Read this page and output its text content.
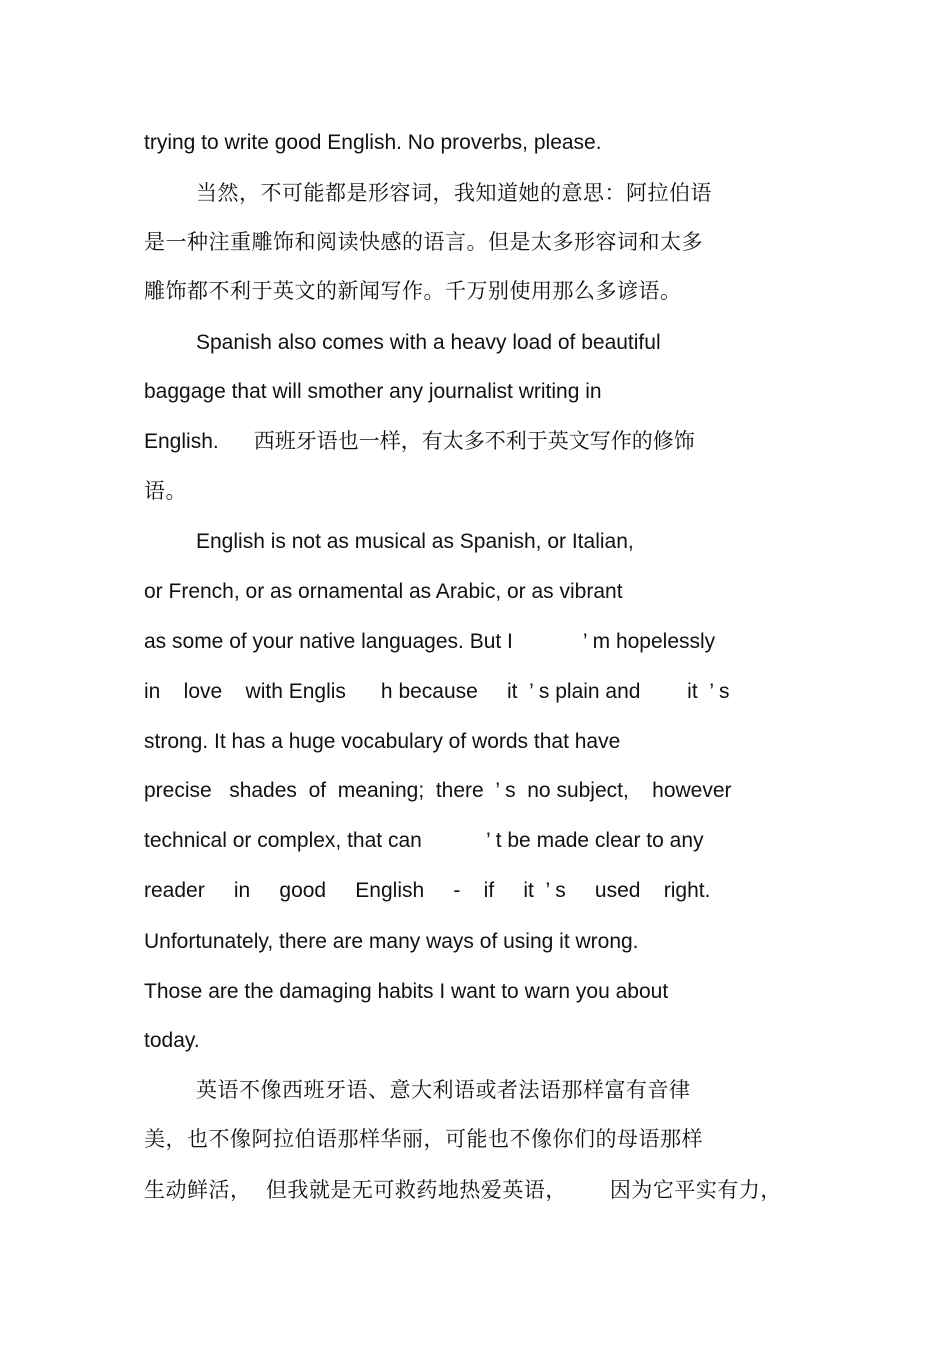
trying to write good English. No proverbs, please.
当然，不可能都是形容词，我知道她的意思：阿拉伯语
是一种注重雕饰和阅读快感的语言。但是太多形容词和太多
雕饰都不利于英文的新闻写作。千万别使用那么多谚语。
Spanish also comes with a heavy load of beautiful
baggage that will smother any journalist writing in
English.      西班牙语也一样，有太多不利于英文写作的修饰
语。
English is not as musical as Spanish, or Italian,
or French, or as ornamental as Arabic, or as vibrant
as some of your native languages. But I            ’ m hopelessly
in    love    with Englis      h because     it  ’ s plain and        it  ’ s
strong. It has a huge vocabulary of words that have
precise   shades  of  meaning;  there  ’ s  no subject,    however
technical or complex, that can           ’ t be made clear to any
reader     in     good     English     -    if     it  ’ s     used    right.
Unfortunately, there are many ways of using it wrong.
Those are the damaging habits I want to warn you about
today.
英语不像西班牙语、意大利语或者法语那样富有音律
美，也不像阿拉伯语那样华丽，可能也不像你们的母语那样
生动鲜活，  但我就是无可救药地热爱英语，      因为它平实有力，
